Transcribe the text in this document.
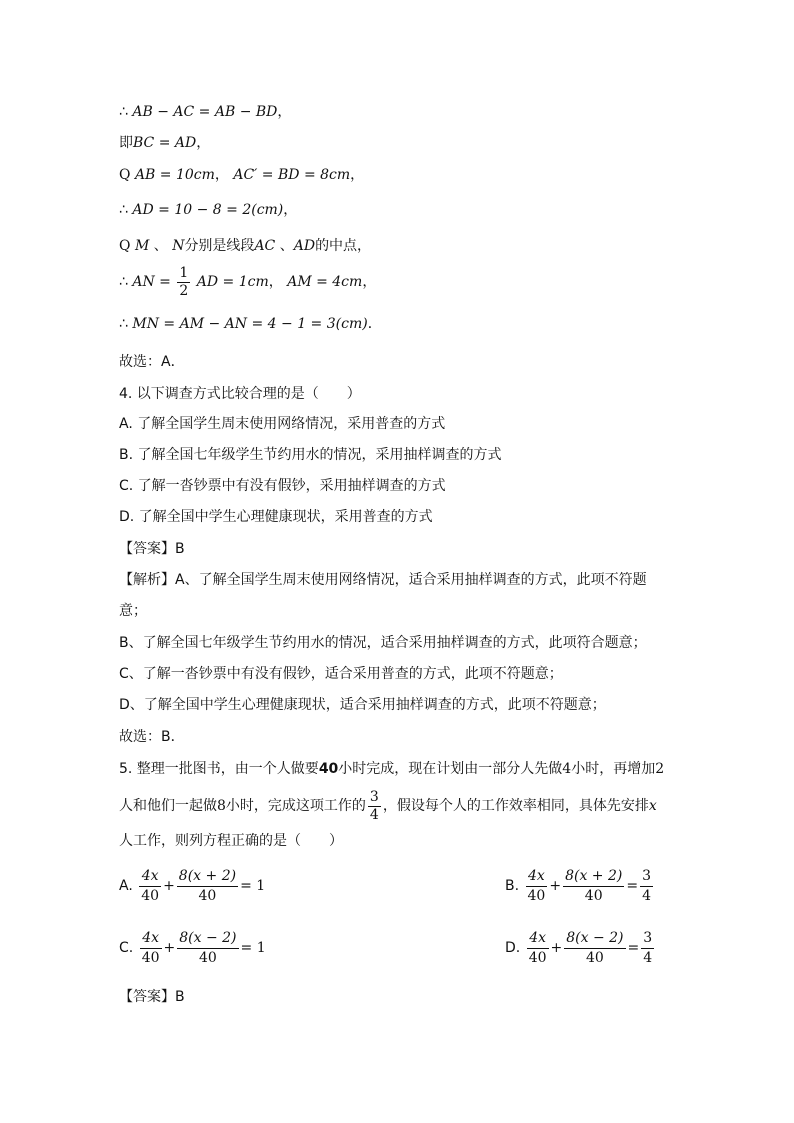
∴ AB − AC = AB − BD，
即BC = AD，
Q AB = 10cm， AC′ = BD = 8cm，
∴ AD = 10 − 8 = 2(cm)，
Q M 、 N分别是线段AC 、AD的中点，
∴ AN = $\frac{1}{2}$ AD = 1cm， AM = 4cm，
∴ MN = AM − AN = 4 − 1 = 3(cm)．
故选：A．
4. 以下调查方式比较合理的是（　　）
A. 了解全国学生周末使用网络情况，采用普查的方式
B. 了解全国七年级学生节约用水的情况，采用抽样调查的方式
C. 了解一沓钞票中有没有假钞，采用抽样调查的方式
D. 了解全国中学生心理健康现状，采用普查的方式
【答案】B
【解析】A、了解全国学生周末使用网络情况，适合采用抽样调查的方式，此项不符题
意；
B、了解全国七年级学生节约用水的情况，适合采用抽样调查的方式，此项符合题意；
C、了解一沓钞票中有没有假钞，适合采用普查的方式，此项不符题意；
D、了解全国中学生心理健康现状，适合采用抽样调查的方式，此项不符题意；
故选：B．
5. 整理一批图书，由一个人做要40小时完成，现在计划由一部分人先做4小时，再增加2
人和他们一起做8小时，完成这项工作的 $\frac{3}{4}$ ，假设每个人的工作效率相同，具体先安排x
人工作，则列方程正确的是（　　）
A. $\frac{4x}{40} + \frac{8(x + 2)}{40} = 1$	B. $\frac{4x}{40} + \frac{8(x + 2)}{40} = \frac{3}{4}$
C. $\frac{4x}{40} + \frac{8(x - 2)}{40} = 1$	D. $\frac{4x}{40} + \frac{8(x - 2)}{40} = \frac{3}{4}$
【答案】B
